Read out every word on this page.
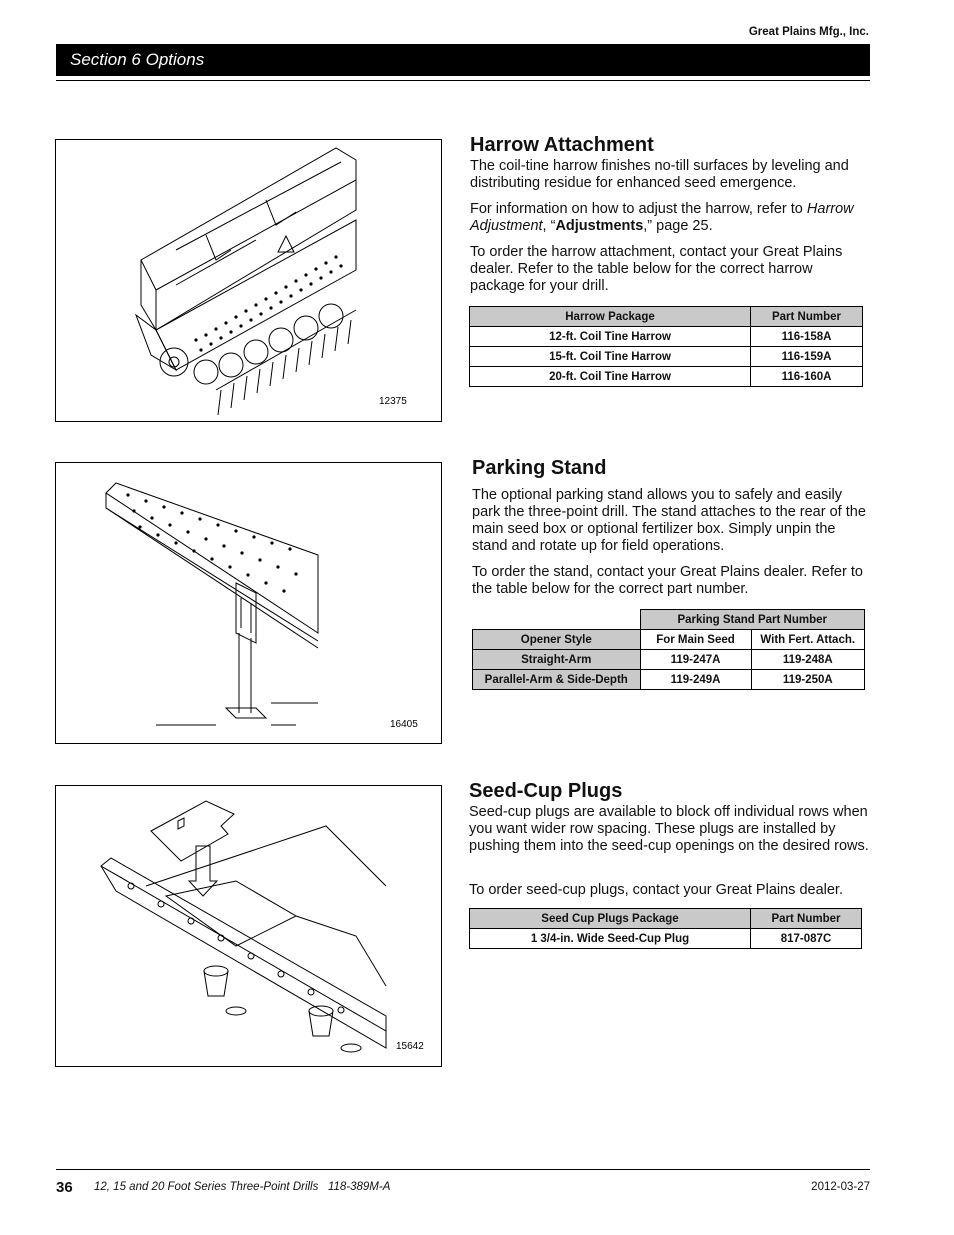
Great Plains Mfg., Inc.
Section 6 Options
12375
Harrow Attachment

The coil-tine harrow finishes no-till surfaces by leveling and distributing residue for enhanced seed emergence.

For information on how to adjust the harrow, refer to Harrow Adjustment, “Adjustments,” page 25.

To order the harrow attachment, contact your Great Plains dealer. Refer to the table below for the correct harrow package for your drill.

Harrow Package	Part Number
12-ft. Coil Tine Harrow	116-158A
15-ft. Coil Tine Harrow	116-159A
20-ft. Coil Tine Harrow	116-160A
16405
Parking Stand

The optional parking stand allows you to safely and easily park the three-point drill. The stand attaches to the rear of the main seed box or optional fertilizer box. Simply unpin the stand and rotate up for field operations.

To order the stand, contact your Great Plains dealer. Refer to the table below for the correct part number.

	Parking Stand Part Number	
Opener Style	For Main Seed	With Fert. Attach.
Straight-Arm	119-247A	119-248A
Parallel-Arm & Side-Depth	119-249A	119-250A
15642
Seed-Cup Plugs

Seed-cup plugs are available to block off individual rows when you want wider row spacing. These plugs are installed by pushing them into the seed-cup openings on the desired rows.

To order seed-cup plugs, contact your Great Plains dealer.

Seed Cup Plugs Package	Part Number
1 3/4-in. Wide Seed-Cup Plug	817-087C
36 12, 15 and 20 Foot Series Three-Point Drills   118-389M-A	2012-03-27
